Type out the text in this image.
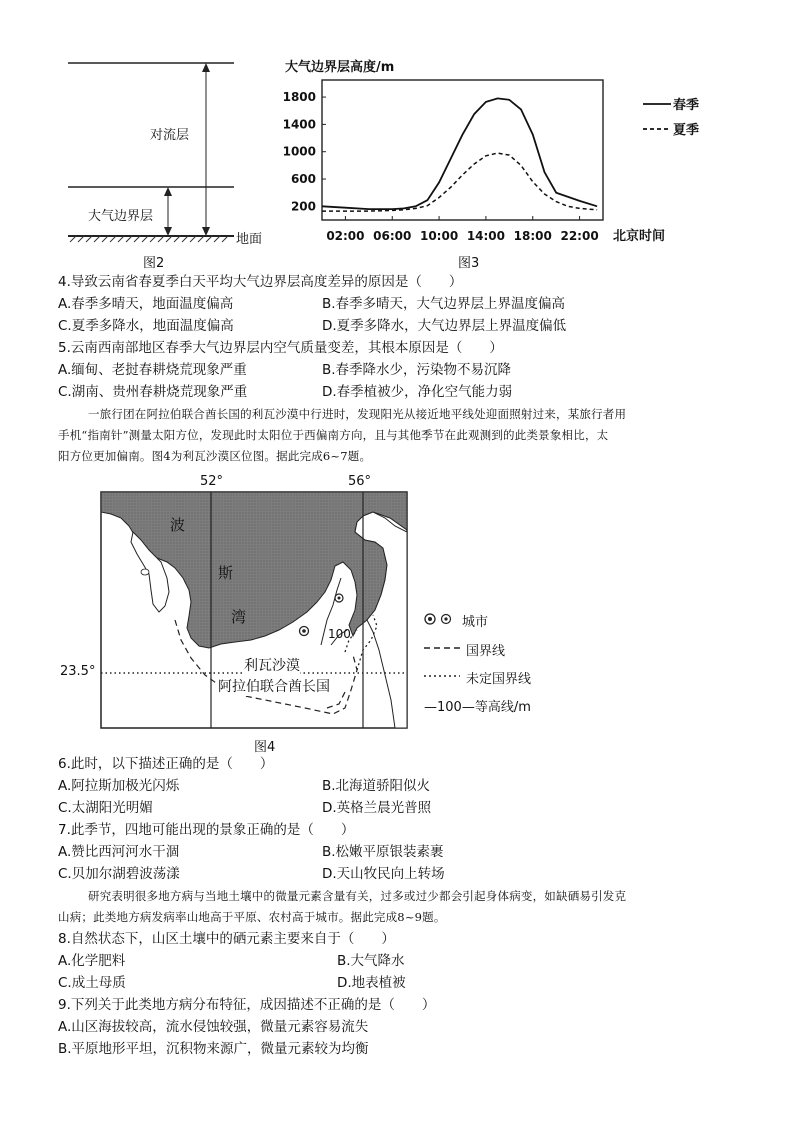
对流层
大气边界层
地面
图2
大气边界层高度/m
200
600
1000
1400
1800
02:00 06:00 10:00 14:00 18:00 22:00 北京时间
春季
夏季
图3
4.导致云南省春夏季白天平均大气边界层高度差异的原因是（　　）
A.春季多晴天，地面温度偏高	B.春季多晴天，大气边界层上界温度偏高
C.夏季多降水，地面温度偏高	D.夏季多降水，大气边界层上界温度偏低
5.云南西南部地区春季大气边界层内空气质量变差，其根本原因是（　　）
A.缅甸、老挝春耕烧荒现象严重	B.春季降水少，污染物不易沉降
C.湖南、贵州春耕烧荒现象严重	D.春季植被少，净化空气能力弱
一旅行团在阿拉伯联合酋长国的利瓦沙漠中行进时，发现阳光从接近地平线处迎面照射过来，某旅行者用
手机“指南针”测量太阳方位，发现此时太阳位于西偏南方向，且与其他季节在此观测到的此类景象相比，太
阳方位更加偏南。图4为利瓦沙漠区位图。据此完成6~7题。
52°	56°
23.5°
波
斯
湾
100
利瓦沙漠
阿拉伯联合酋长国
城市
国界线
未定国界线
—100—等高线/m
图4
6.此时，以下描述正确的是（　　）
A.阿拉斯加极光闪烁	B.北海道骄阳似火
C.太湖阳光明媚	D.英格兰晨光普照
7.此季节，四地可能出现的景象正确的是（　　）
A.赞比西河河水干涸	B.松嫩平原银装素裹
C.贝加尔湖碧波荡漾	D.天山牧民向上转场
研究表明很多地方病与当地土壤中的微量元素含量有关，过多或过少都会引起身体病变，如缺硒易引发克
山病；此类地方病发病率山地高于平原、农村高于城市。据此完成8~9题。
8.自然状态下，山区土壤中的硒元素主要来自于（　　）
A.化学肥料	B.大气降水
C.成土母质	D.地表植被
9.下列关于此类地方病分布特征，成因描述不正确的是（　　）
A.山区海拔较高，流水侵蚀较强，微量元素容易流失
B.平原地形平坦，沉积物来源广，微量元素较为均衡
